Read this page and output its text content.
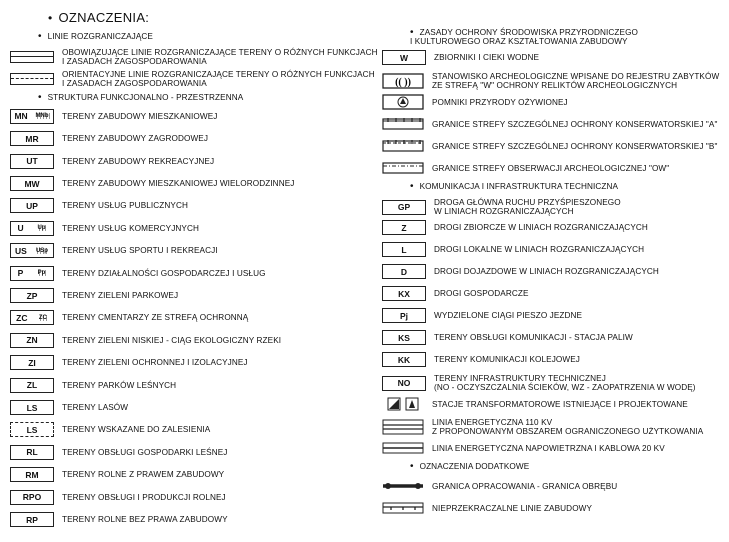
• OZNACZENIA:
• LINIE ROZGRANICZAJĄCE
OBOWIĄZUJĄCE LINIE ROZGRANICZAJĄCE TERENY O RÓŻNYCH FUNKCJACH
I ZASADACH ZAGOSPODAROWANIA
ORIENTACYJNE LINIE ROZGRANICZAJĄCE TERENY O RÓŻNYCH FUNKCJACH
I ZASADACH ZAGOSPODAROWANIA
• STRUKTURA FUNKCJONALNO - PRZESTRZENNA
MN MNb TERENY ZABUDOWY MIESZKANIOWEJ
MR	TERENY ZABUDOWY ZAGRODOWEJ
UT	TERENY ZABUDOWY REKREACYJNEJ
MW	TERENY ZABUDOWY MIESZKANIOWEJ WIELORODZINNEJ
UP	TERENY USŁUG PUBLICZNYCH
U Up TERENY USŁUG KOMERCYJNYCH
US USp TERENY USŁUG SPORTU I REKREACJI
P Pp TERENY DZIAŁALNOŚCI GOSPODARCZEJ I USŁUG
ZP	TERENY ZIELENI PARKOWEJ
ZC ZC TERENY CMENTARZY ZE STREFĄ OCHRONNĄ
ZN	TERENY ZIELENI NISKIEJ - CIĄG EKOLOGICZNY RZEKI
ZI	TERENY ZIELENI OCHRONNEJ I IZOLACYJNEJ
ZL	TERENY PARKÓW LEŚNYCH
LS	TERENY LASÓW
LS	TERENY WSKAZANE DO ZALESIENIA
RL	TERENY OBSŁUGI GOSPODARKI LEŚNEJ
RM	TERENY ROLNE Z PRAWEM ZABUDOWY
RPO	TERENY OBSŁUGI I PRODUKCJI ROLNEJ
RP	TERENY ROLNE BEZ PRAWA ZABUDOWY
• ZASADY OCHRONY ŚRODOWISKA PRZYRODNICZEGO
I KULTUROWEGO ORAZ KSZTAŁTOWANIA ZABUDOWY
W	ZBIORNIKI I CIEKI WODNE
(( ))
STANOWISKO ARCHEOLOGICZNE WPISANE DO REJESTRU ZABYTKÓW
ZE STREFĄ "W" OCHRONY RELIKTÓW ARCHEOLOGICZNYCH
POMNIKI PRZYRODY OŻYWIONEJ
GRANICE STREFY SZCZEGÓLNEJ OCHRONY KONSERWATORSKIEJ "A"
GRANICE STREFY SZCZEGÓLNEJ OCHRONY KONSERWATORSKIEJ "B"
GRANICE STREFY OBSERWACJI ARCHEOLOGICZNEJ "OW"
• KOMUNIKACJA I INFRASTRUKTURA TECHNICZNA
GP	DROGA GŁÓWNA RUCHU PRZYŚPIESZONEGO
W LINIACH ROZGRANICZAJĄCYCH
Z	DROGI ZBIORCZE W LINIACH ROZGRANICZAJĄCYCH
L	DROGI LOKALNE W LINIACH ROZGRANICZAJĄCYCH
D	DROGI DOJAZDOWE W LINIACH ROZGRANICZAJĄCYCH
KX	DROGI GOSPODARCZE
Pj	WYDZIELONE CIĄGI PIESZO JEZDNE
KS	TERENY OBSŁUGI KOMUNIKACJI - STACJA PALIW
KK	TERENY KOMUNIKACJI KOLEJOWEJ
NO	TERENY INFRASTRUKTURY TECHNICZNEJ
(NO - OCZYSZCZALNIA ŚCIEKÓW, WZ - ZAOPATRZENIA W WODĘ)
STACJE TRANSFORMATOROWE ISTNIEJĄCE I PROJEKTOWANE
LINIA ENERGETYCZNA 110 KV
Z PROPONOWANYM OBSZAREM OGRANICZONEGO UŻYTKOWANIA
LINIA ENERGETYCZNA NAPOWIETRZNA I KABLOWA 20 KV
• OZNACZENIA DODATKOWE
GRANICA OPRACOWANIA - GRANICA OBRĘBU
NIEPRZEKRACZALNE LINIE ZABUDOWY
